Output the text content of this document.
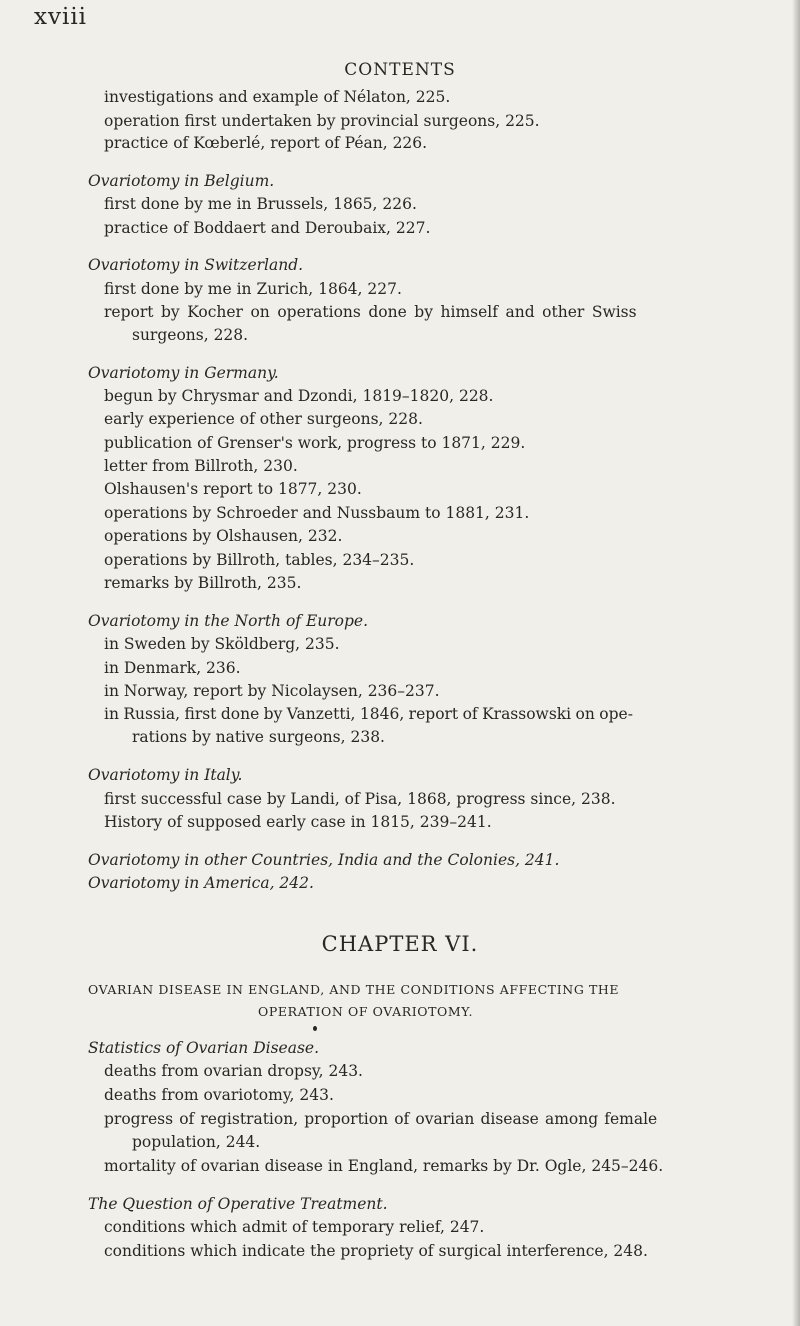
xviii
CONTENTS
investigations and example of Nélaton, 225.
operation first undertaken by provincial surgeons, 225.
practice of Kœberlé, report of Péan, 226.
Ovariotomy in Belgium.
first done by me in Brussels, 1865, 226.
practice of Boddaert and Deroubaix, 227.
Ovariotomy in Switzerland.
first done by me in Zurich, 1864, 227.
report by Kocher on operations done by himself and other Swiss
surgeons, 228.
Ovariotomy in Germany.
begun by Chrysmar and Dzondi, 1819–1820, 228.
early experience of other surgeons, 228.
publication of Grenser's work, progress to 1871, 229.
letter from Billroth, 230.
Olshausen's report to 1877, 230.
operations by Schroeder and Nussbaum to 1881, 231.
operations by Olshausen, 232.
operations by Billroth, tables, 234–235.
remarks by Billroth, 235.
Ovariotomy in the North of Europe.
in Sweden by Sköldberg, 235.
in Denmark, 236.
in Norway, report by Nicolaysen, 236–237.
in Russia, first done by Vanzetti, 1846, report of Krassowski on ope-
rations by native surgeons, 238.
Ovariotomy in Italy.
first successful case by Landi, of Pisa, 1868, progress since, 238.
History of supposed early case in 1815, 239–241.
Ovariotomy in other Countries, India and the Colonies, 241.
Ovariotomy in America, 242.
CHAPTER VI.
OVARIAN DISEASE IN ENGLAND, AND THE CONDITIONS AFFECTING THE
OPERATION OF OVARIOTOMY.
Statistics of Ovarian Disease.
deaths from ovarian dropsy, 243.
deaths from ovariotomy, 243.
progress of registration, proportion of ovarian disease among female
population, 244.
mortality of ovarian disease in England, remarks by Dr. Ogle, 245–246.
The Question of Operative Treatment.
conditions which admit of temporary relief, 247.
conditions which indicate the propriety of surgical interference, 248.
